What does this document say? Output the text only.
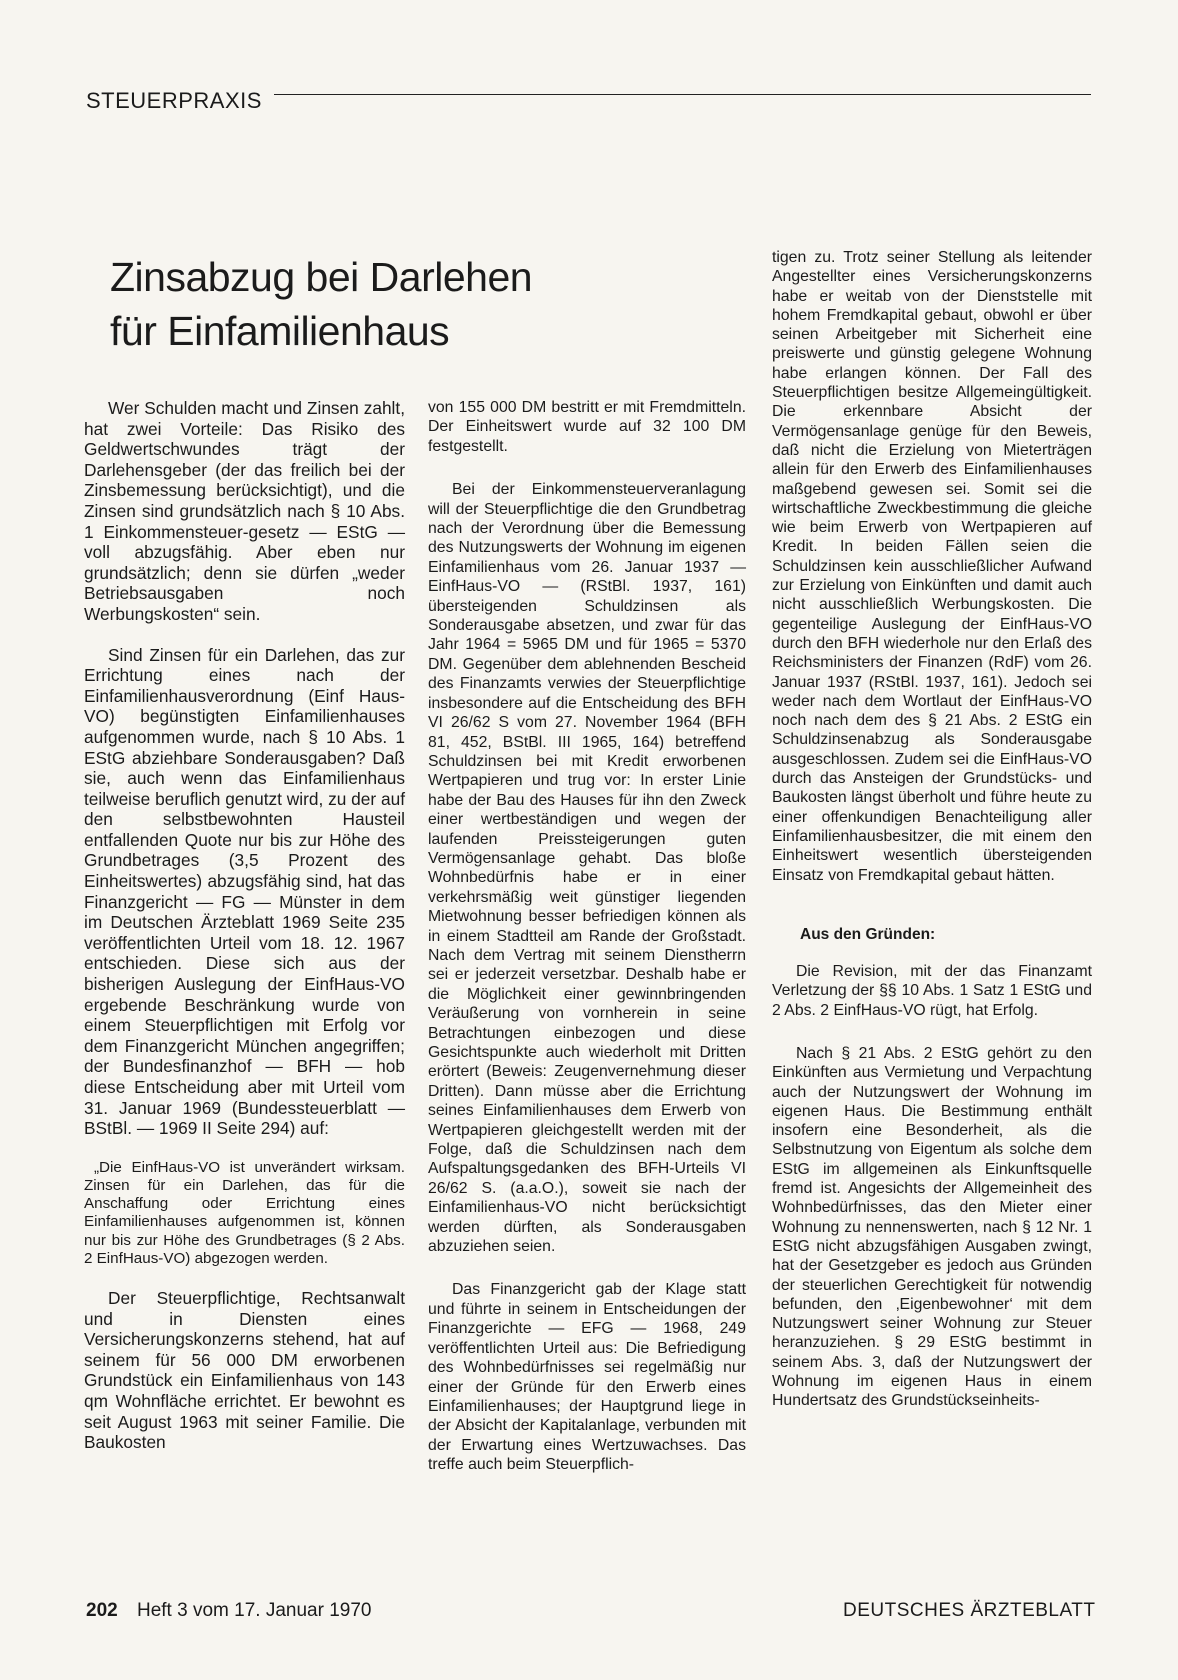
STEUERPRAXIS
Zinsabzug bei Darlehen
für Einfamilienhaus

Wer Schulden macht und Zinsen zahlt, hat zwei Vorteile: Das Risiko des Geldwertschwundes trägt der Darlehensgeber (der das freilich bei der Zinsbemessung berücksichtigt), und die Zinsen sind grundsätzlich nach § 10 Abs. 1 Einkommensteuer-gesetz — EStG — voll abzugsfähig. Aber eben nur grundsätzlich; denn sie dürfen „weder Betriebsausgaben noch Werbungskosten“ sein.

Sind Zinsen für ein Darlehen, das zur Errichtung eines nach der Einfamilienhausverordnung (Einf Haus-VO) begünstigten Einfamilienhauses aufgenommen wurde, nach § 10 Abs. 1 EStG abziehbare Sonderausgaben? Daß sie, auch wenn das Einfamilienhaus teilweise beruflich genutzt wird, zu der auf den selbstbewohnten Hausteil entfallenden Quote nur bis zur Höhe des Grundbetrages (3,5 Prozent des Einheitswertes) abzugsfähig sind, hat das Finanzgericht — FG — Münster in dem im Deutschen Ärzteblatt 1969 Seite 235 veröffentlichten Urteil vom 18. 12. 1967 entschieden. Diese sich aus der bisherigen Auslegung der EinfHaus-VO ergebende Beschränkung wurde von einem Steuerpflichtigen mit Erfolg vor dem Finanzgericht München angegriffen; der Bundesfinanzhof — BFH — hob diese Entscheidung aber mit Urteil vom 31. Januar 1969 (Bundessteuerblatt — BStBl. — 1969 II Seite 294) auf:

„Die EinfHaus-VO ist unverändert wirksam. Zinsen für ein Darlehen, das für die Anschaffung oder Errichtung eines Einfamilienhauses aufgenommen ist, können nur bis zur Höhe des Grundbetrages (§ 2 Abs. 2 EinfHaus-VO) abgezogen werden.

Der Steuerpflichtige, Rechtsanwalt und in Diensten eines Versicherungskonzerns stehend, hat auf seinem für 56 000 DM erworbenen Grundstück ein Einfamilienhaus von 143 qm Wohnfläche errichtet. Er bewohnt es seit August 1963 mit seiner Familie. Die Baukosten

von 155 000 DM bestritt er mit Fremdmitteln. Der Einheitswert wurde auf 32 100 DM festgestellt.

Bei der Einkommensteuerveranlagung will der Steuerpflichtige die den Grundbetrag nach der Verordnung über die Bemessung des Nutzungswerts der Wohnung im eigenen Einfamilienhaus vom 26. Januar 1937 — EinfHaus-VO — (RStBl. 1937, 161) übersteigenden Schuldzinsen als Sonderausgabe absetzen, und zwar für das Jahr 1964 = 5965 DM und für 1965 = 5370 DM. Gegenüber dem ablehnenden Bescheid des Finanzamts verwies der Steuerpflichtige insbesondere auf die Entscheidung des BFH VI 26/62 S vom 27. November 1964 (BFH 81, 452, BStBl. III 1965, 164) betreffend Schuldzinsen bei mit Kredit erworbenen Wertpapieren und trug vor: In erster Linie habe der Bau des Hauses für ihn den Zweck einer wertbeständigen und wegen der laufenden Preissteigerungen guten Vermögensanlage gehabt. Das bloße Wohnbedürfnis habe er in einer verkehrsmäßig weit günstiger liegenden Mietwohnung besser befriedigen können als in einem Stadtteil am Rande der Großstadt. Nach dem Vertrag mit seinem Dienstherrn sei er jederzeit versetzbar. Deshalb habe er die Möglichkeit einer gewinnbringenden Veräußerung von vornherein in seine Betrachtungen einbezogen und diese Gesichtspunkte auch wiederholt mit Dritten erörtert (Beweis: Zeugenvernehmung dieser Dritten). Dann müsse aber die Errichtung seines Einfamilienhauses dem Erwerb von Wertpapieren gleichgestellt werden mit der Folge, daß die Schuldzinsen nach dem Aufspaltungsgedanken des BFH-Urteils VI 26/62 S. (a.a.O.), soweit sie nach der Einfamilienhaus-VO nicht berücksichtigt werden dürften, als Sonderausgaben abzuziehen seien.

Das Finanzgericht gab der Klage statt und führte in seinem in Entscheidungen der Finanzgerichte — EFG — 1968, 249 veröffentlichten Urteil aus: Die Befriedigung des Wohnbedürfnisses sei regelmäßig nur einer der Gründe für den Erwerb eines Einfamilienhauses; der Hauptgrund liege in der Absicht der Kapitalanlage, verbunden mit der Erwartung eines Wertzuwachses. Das treffe auch beim Steuerpflich-

tigen zu. Trotz seiner Stellung als leitender Angestellter eines Versicherungskonzerns habe er weitab von der Dienststelle mit hohem Fremdkapital gebaut, obwohl er über seinen Arbeitgeber mit Sicherheit eine preiswerte und günstig gelegene Wohnung habe erlangen können. Der Fall des Steuerpflichtigen besitze Allgemeingültigkeit. Die erkennbare Absicht der Vermögensanlage genüge für den Beweis, daß nicht die Erzielung von Mieterträgen allein für den Erwerb des Einfamilienhauses maßgebend gewesen sei. Somit sei die wirtschaftliche Zweckbestimmung die gleiche wie beim Erwerb von Wertpapieren auf Kredit. In beiden Fällen seien die Schuldzinsen kein ausschließlicher Aufwand zur Erzielung von Einkünften und damit auch nicht ausschließlich Werbungskosten. Die gegenteilige Auslegung der EinfHaus-VO durch den BFH wiederhole nur den Erlaß des Reichsministers der Finanzen (RdF) vom 26. Januar 1937 (RStBl. 1937, 161). Jedoch sei weder nach dem Wortlaut der EinfHaus-VO noch nach dem des § 21 Abs. 2 EStG ein Schuldzinsenabzug als Sonderausgabe ausgeschlossen. Zudem sei die EinfHaus-VO durch das Ansteigen der Grundstücks- und Baukosten längst überholt und führe heute zu einer offenkundigen Benachteiligung aller Einfamilienhausbesitzer, die mit einem den Einheitswert wesentlich übersteigenden Einsatz von Fremdkapital gebaut hätten.

Aus den Gründen:

Die Revision, mit der das Finanzamt Verletzung der §§ 10 Abs. 1 Satz 1 EStG und 2 Abs. 2 EinfHaus-VO rügt, hat Erfolg.

Nach § 21 Abs. 2 EStG gehört zu den Einkünften aus Vermietung und Verpachtung auch der Nutzungswert der Wohnung im eigenen Haus. Die Bestimmung enthält insofern eine Besonderheit, als die Selbstnutzung von Eigentum als solche dem EStG im allgemeinen als Einkunftsquelle fremd ist. Angesichts der Allgemeinheit des Wohnbedürfnisses, das den Mieter einer Wohnung zu nennenswerten, nach § 12 Nr. 1 EStG nicht abzugsfähigen Ausgaben zwingt, hat der Gesetzgeber es jedoch aus Gründen der steuerlichen Gerechtigkeit für notwendig befunden, den ‚Eigenbewohner‘ mit dem Nutzungswert seiner Wohnung zur Steuer heranzuziehen. § 29 EStG bestimmt in seinem Abs. 3, daß der Nutzungswert der Wohnung im eigenen Haus in einem Hundertsatz des Grundstückseinheits-

202 Heft 3 vom 17. Januar 1970	DEUTSCHES ÄRZTEBLATT
